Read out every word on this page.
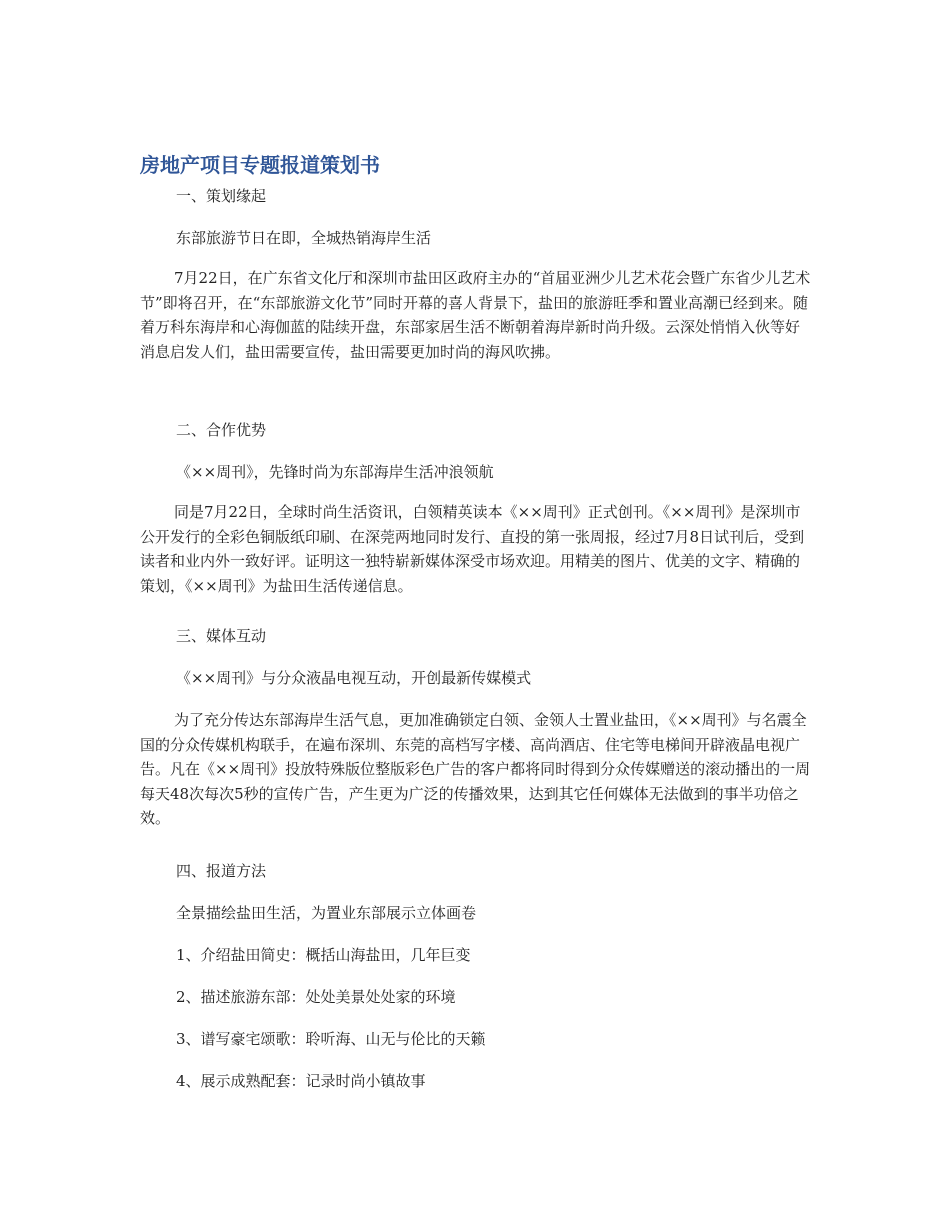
房地产项目专题报道策划书

一、策划缘起

东部旅游节日在即，全城热销海岸生活

7月22日，在广东省文化厅和深圳市盐田区政府主办的“首届亚洲少儿艺术花会暨广东省少儿艺术节”即将召开，在“东部旅游文化节”同时开幕的喜人背景下，盐田的旅游旺季和置业高潮已经到来。随着万科东海岸和心海伽蓝的陆续开盘，东部家居生活不断朝着海岸新时尚升级。云深处悄悄入伙等好消息启发人们，盐田需要宣传，盐田需要更加时尚的海风吹拂。

二、合作优势

《××周刊》，先锋时尚为东部海岸生活冲浪领航

同是7月22日，全球时尚生活资讯，白领精英读本《××周刊》正式创刊。《××周刊》是深圳市公开发行的全彩色铜版纸印刷、在深莞两地同时发行、直投的第一张周报，经过7月8日试刊后，受到读者和业内外一致好评。证明这一独特崭新媒体深受市场欢迎。用精美的图片、优美的文字、精确的策划，《××周刊》为盐田生活传递信息。

三、媒体互动

《××周刊》与分众液晶电视互动，开创最新传媒模式

为了充分传达东部海岸生活气息，更加准确锁定白领、金领人士置业盐田，《××周刊》与名震全国的分众传媒机构联手，在遍布深圳、东莞的高档写字楼、高尚酒店、住宅等电梯间开辟液晶电视广告。凡在《××周刊》投放特殊版位整版彩色广告的客户都将同时得到分众传媒赠送的滚动播出的一周每天48次每次5秒的宣传广告，产生更为广泛的传播效果，达到其它任何媒体无法做到的事半功倍之效。

四、报道方法

全景描绘盐田生活，为置业东部展示立体画卷

1、介绍盐田简史：概括山海盐田，几年巨变

2、描述旅游东部：处处美景处处家的环境

3、谱写豪宅颂歌：聆听海、山无与伦比的天籁

4、展示成熟配套：记录时尚小镇故事
